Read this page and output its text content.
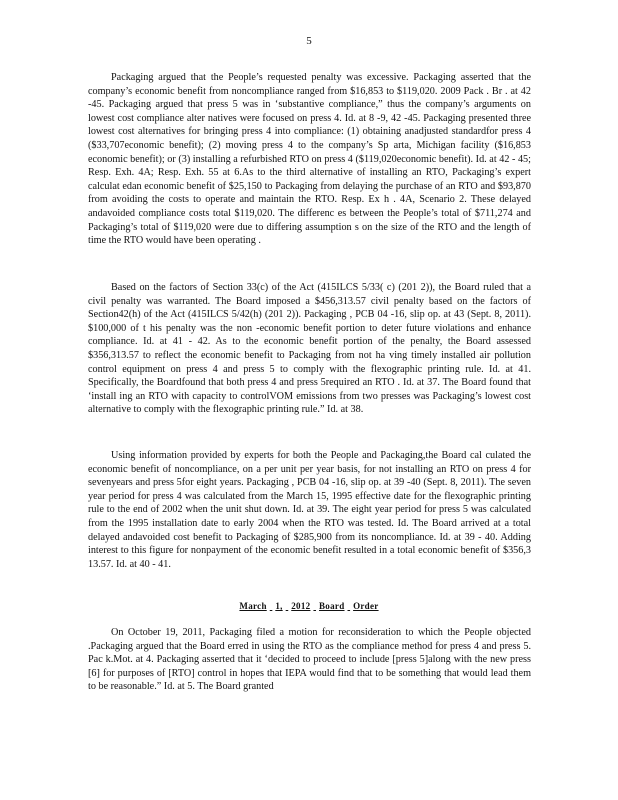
5

Packaging argued that the People’s requested penalty was excessive. Packaging asserted that the company’s economic benefit from noncompliance ranged from $16,853 to $119,020. 2009 Pack . Br . at 42 -45. Packaging argued that press 5 was in ‘substantive compliance,” thus the company’s arguments on lowest cost compliance alter natives were focused on press 4. Id. at 8 -9, 42 -45. Packaging presented three lowest cost alternatives for bringing press 4 into compliance: (1) obtaining anadjusted standardfor press 4 ($33,707economic benefit); (2) moving press 4 to the company’s Sp arta, Michigan facility ($16,853 economic benefit); or (3) installing a refurbished RTO on press 4 ($119,020economic benefit). Id. at 42 - 45; Resp. Exh. 4A; Resp. Exh. 55 at 6.As to the third alternative of installing an RTO, Packaging’s expert calculat edan economic benefit of $25,150 to Packaging from delaying the purchase of an RTO and $93,870 from avoiding the costs to operate and maintain the RTO. Resp. Ex h . 4A, Scenario 2. These delayed andavoided compliance costs total $119,020. The differenc es between the People’s total of $711,274 and Packaging’s total of $119,020 were due to differing assumption s on the size of the RTO and the length of time the RTO would have been operating .

Based on the factors of Section 33(c) of the Act (415ILCS 5/33( c) (201 2)), the Board ruled that a civil penalty was warranted. The Board imposed a $456,313.57 civil penalty based on the factors of Section42(h) of the Act (415ILCS 5/42(h) (201 2)). Packaging , PCB 04 -16, slip op. at 43 (Sept. 8, 2011). $100,000 of t his penalty was the non -economic benefit portion to deter future violations and enhance compliance. Id. at 41 - 42. As to the economic benefit portion of the penalty, the Board assessed $356,313.57 to reflect the economic benefit to Packaging from not ha ving timely installed air pollution control equipment on press 4 and press 5 to comply with the flexographic printing rule. Id. at 41. Specifically, the Boardfound that both press 4 and press 5required an RTO . Id. at 37. The Board found that ‘install ing an RTO with capacity to controlVOM emissions from two presses was Packaging’s lowest cost alternative to comply with the flexographic printing rule.” Id. at 38.

Using information provided by experts for both the People and Packaging,the Board cal culated the economic benefit of noncompliance, on a per unit per year basis, for not installing an RTO on press 4 for sevenyears and press 5for eight years. Packaging , PCB 04 -16, slip op. at 39 -40 (Sept. 8, 2011). The seven year period for press 4 was calculated from the March 15, 1995 effective date for the flexographic printing rule to the end of 2002 when the unit shut down. Id. at 39. The eight year period for press 5 was calculated from the 1995 installation date to early 2004 when the RTO was tested. Id. The Board arrived at a total delayed andavoided cost benefit to Packaging of $285,900 from its noncompliance. Id. at 39 - 40. Adding interest to this figure for nonpayment of the economic benefit resulted in a total economic benefit of $356,3 13.57. Id. at 40 - 41.

March 1, 2012 Board Order

On October 19, 2011, Packaging filed a motion for reconsideration to which the People objected .Packaging argued that the Board erred in using the RTO as the compliance method for press 4 and press 5. Pac k.Mot. at 4. Packaging asserted that it ‘decided to proceed to include [press 5]along with the new press [6] for purposes of [RTO] control in hopes that IEPA would find that to be something that would lead them to be reasonable.” Id. at 5. The Board granted
